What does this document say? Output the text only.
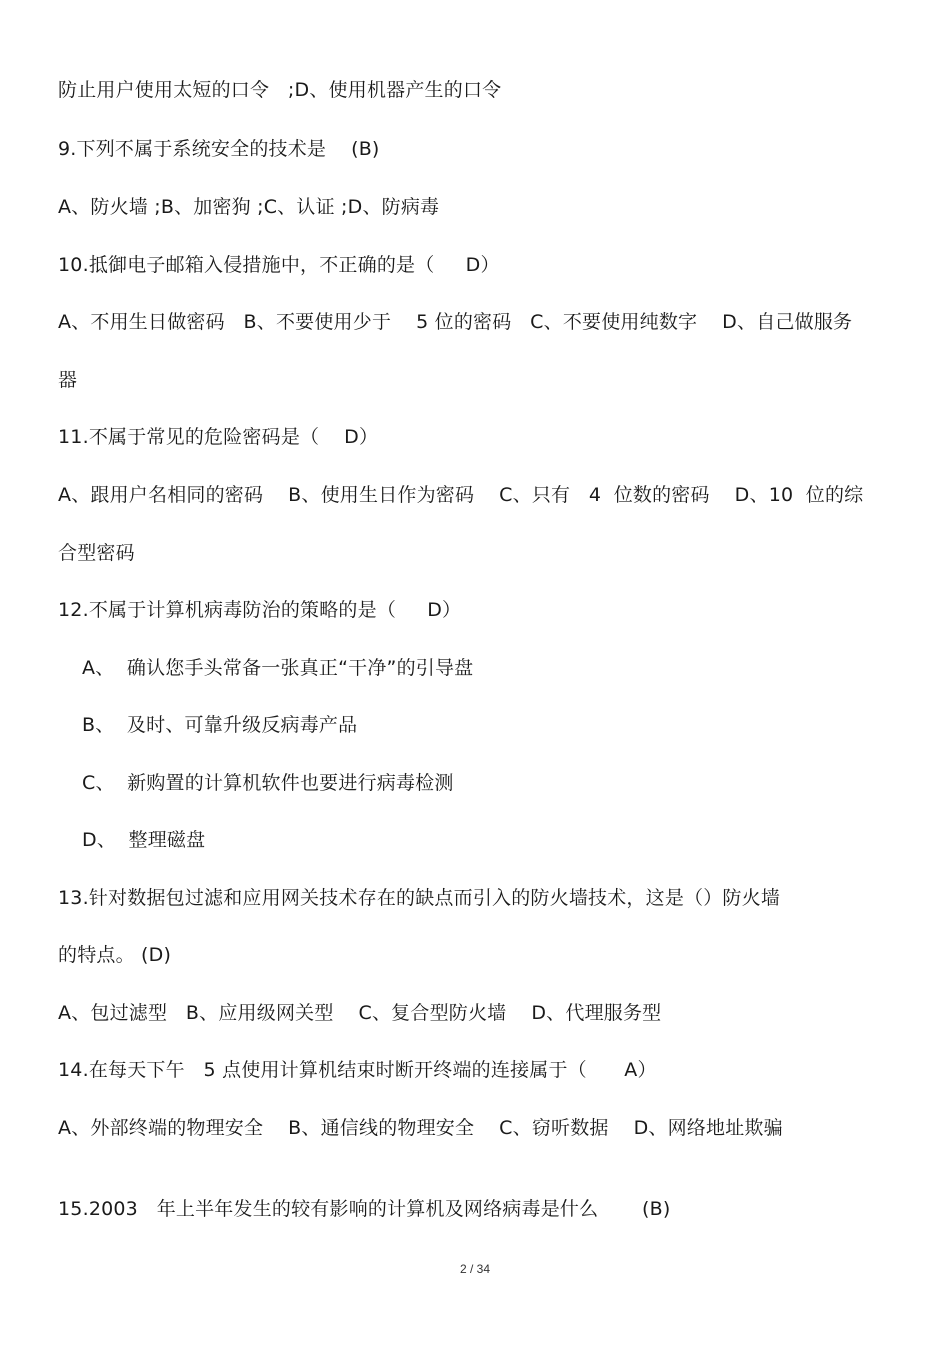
防止用户使用太短的口令   ;D、使用机器产生的口令
9.下列不属于系统安全的技术是    (B)
A、防火墙 ;B、加密狗 ;C、认证 ;D、防病毒
10.抵御电子邮箱入侵措施中，不正确的是（     D）
A、不用生日做密码   B、不要使用少于    5 位的密码   C、不要使用纯数字    D、自己做服务
器
11.不属于常见的危险密码是（    D）
A、跟用户名相同的密码    B、使用生日作为密码    C、只有   4  位数的密码    D、10  位的综
合型密码
12.不属于计算机病毒防治的策略的是（     D）
A、  确认您手头常备一张真正“干净”的引导盘
B、  及时、可靠升级反病毒产品
C、  新购置的计算机软件也要进行病毒检测
D、  整理磁盘
13.针对数据包过滤和应用网关技术存在的缺点而引入的防火墙技术，这是（）防火墙
的特点。 (D)
A、包过滤型   B、应用级网关型    C、复合型防火墙    D、代理服务型
14.在每天下午   5 点使用计算机结束时断开终端的连接属于（      A）
A、外部终端的物理安全    B、通信线的物理安全    C、窃听数据    D、网络地址欺骗
15.2003   年上半年发生的较有影响的计算机及网络病毒是什么       (B)
2 / 34
